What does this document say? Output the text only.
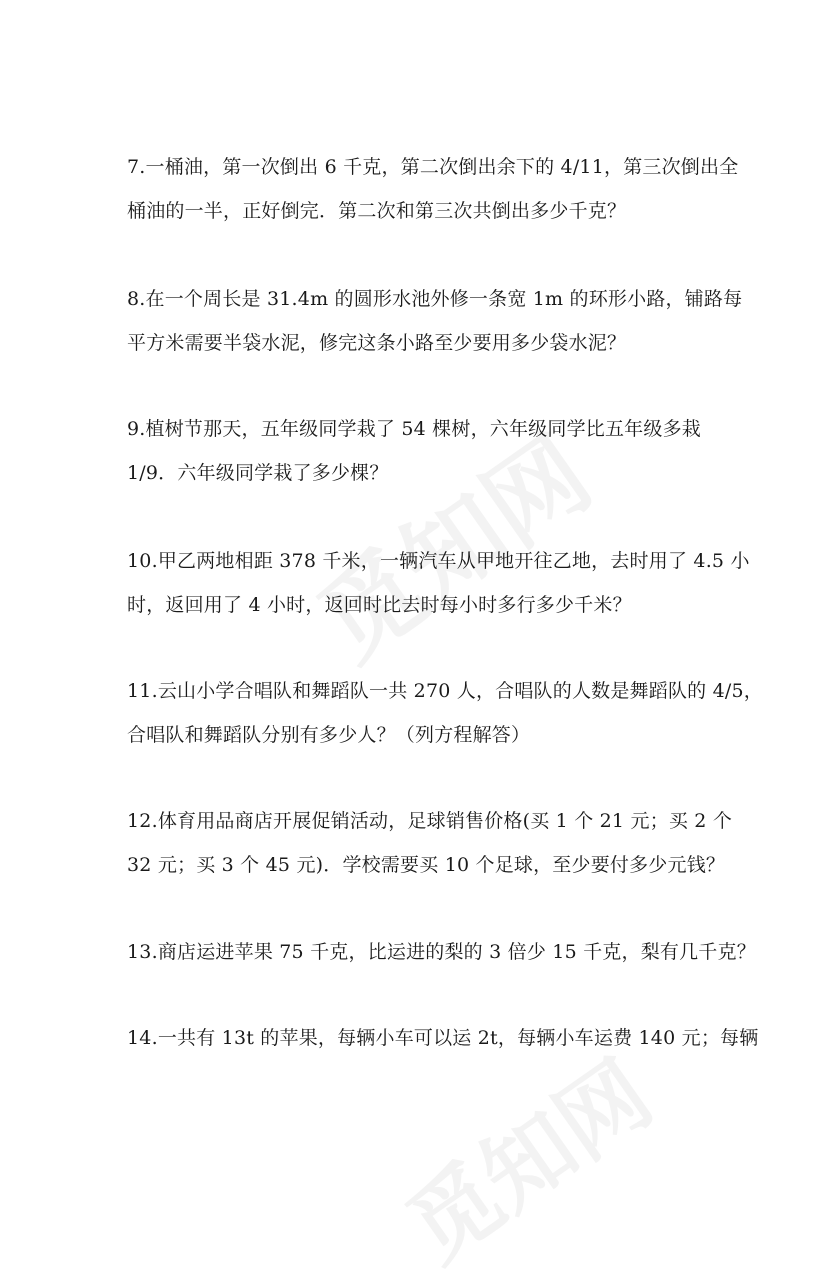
7.一桶油，第一次倒出 6 千克，第二次倒出余下的 4/11，第三次倒出全
桶油的一半，正好倒完．第二次和第三次共倒出多少千克？
8.在一个周长是 31.4m 的圆形水池外修一条宽 1m 的环形小路，铺路每
平方米需要半袋水泥，修完这条小路至少要用多少袋水泥？
9.植树节那天，五年级同学栽了 54 棵树，六年级同学比五年级多栽
1/9．六年级同学栽了多少棵？
10.甲乙两地相距 378 千米，一辆汽车从甲地开往乙地，去时用了 4.5 小
时，返回用了 4 小时，返回时比去时每小时多行多少千米？
11.云山小学合唱队和舞蹈队一共 270 人，合唱队的人数是舞蹈队的 4/5，
合唱队和舞蹈队分别有多少人？（列方程解答）
12.体育用品商店开展促销活动，足球销售价格(买 1 个 21 元；买 2 个
32 元；买 3 个 45 元)．学校需要买 10 个足球，至少要付多少元钱？
13.商店运进苹果 75 千克，比运进的梨的 3 倍少 15 千克，梨有几千克？
14.一共有 13t 的苹果，每辆小车可以运 2t，每辆小车运费 140 元；每辆
